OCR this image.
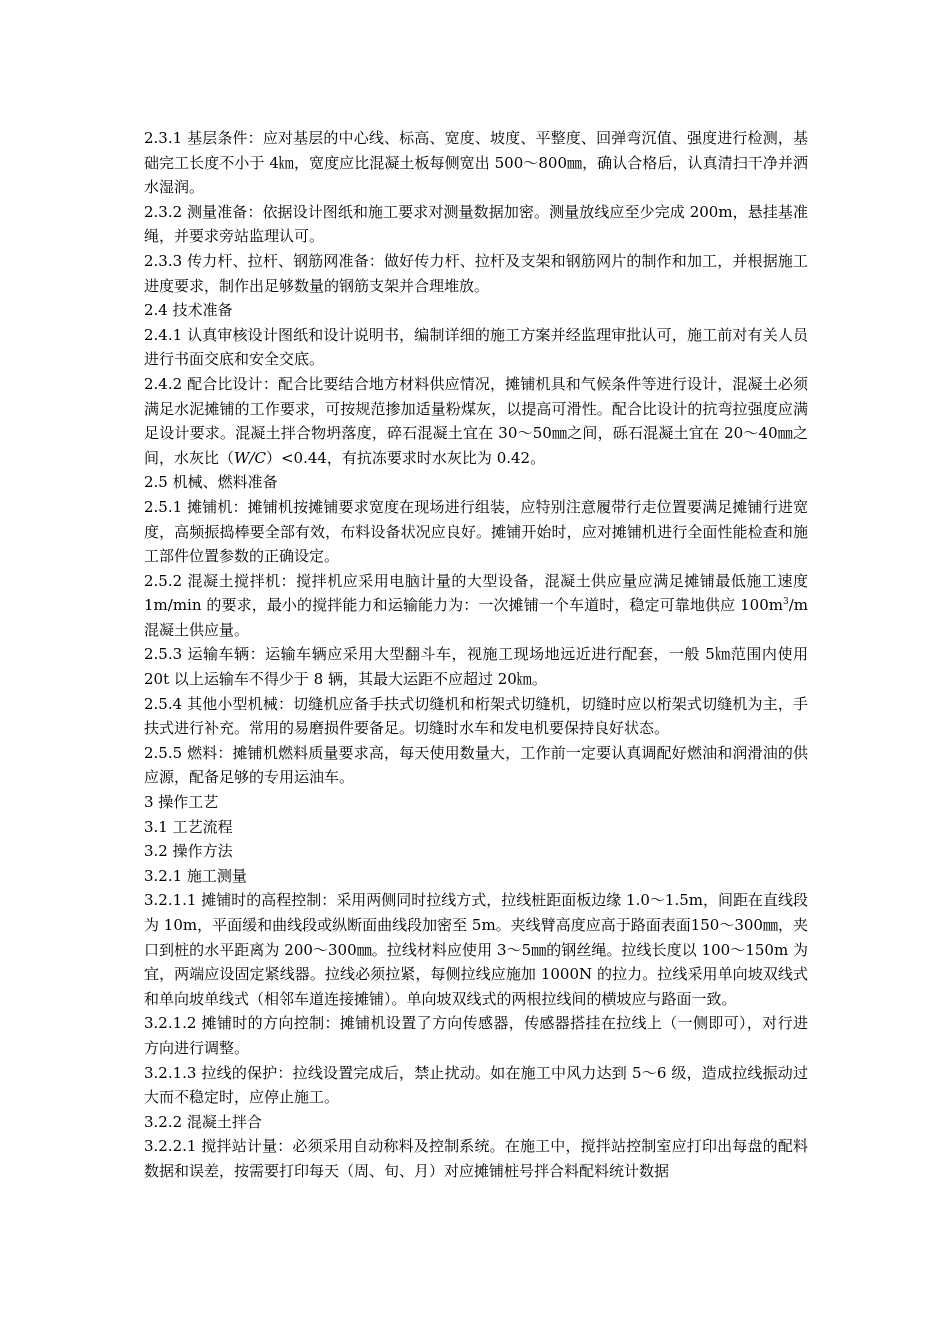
2.3.1 基层条件：应对基层的中心线、标高、宽度、坡度、平整度、回弹弯沉值、强度进行检测，基础完工长度不小于 4㎞，宽度应比混凝土板每侧宽出 500～800㎜，确认合格后，认真清扫干净并洒水湿润。

2.3.2 测量准备：依据设计图纸和施工要求对测量数据加密。测量放线应至少完成 200m，悬挂基准绳，并要求旁站监理认可。

2.3.3 传力杆、拉杆、钢筋网准备：做好传力杆、拉杆及支架和钢筋网片的制作和加工，并根据施工进度要求，制作出足够数量的钢筋支架并合理堆放。

2.4 技术准备

2.4.1 认真审核设计图纸和设计说明书，编制详细的施工方案并经监理审批认可，施工前对有关人员进行书面交底和安全交底。

2.4.2 配合比设计：配合比要结合地方材料供应情况，摊铺机具和气候条件等进行设计，混凝土必须满足水泥摊铺的工作要求，可按规范掺加适量粉煤灰，以提高可滑性。配合比设计的抗弯拉强度应满足设计要求。混凝土拌合物坍落度，碎石混凝土宜在 30～50㎜之间，砾石混凝土宜在 20～40㎜之间，水灰比（W/C）<0.44，有抗冻要求时水灰比为 0.42。

2.5 机械、燃料准备

2.5.1 摊铺机：摊铺机按摊铺要求宽度在现场进行组装，应特别注意履带行走位置要满足摊铺行进宽度，高频振捣棒要全部有效，布料设备状况应良好。摊铺开始时，应对摊铺机进行全面性能检查和施工部件位置参数的正确设定。

2.5.2 混凝土搅拌机：搅拌机应采用电脑计量的大型设备，混凝土供应量应满足摊铺最低施工速度 1m/min 的要求，最小的搅拌能力和运输能力为：一次摊铺一个车道时，稳定可靠地供应 $100m^3/m$ 混凝土供应量。

2.5.3 运输车辆：运输车辆应采用大型翻斗车，视施工现场地远近进行配套，一般 5㎞范围内使用 20t 以上运输车不得少于 8 辆，其最大运距不应超过 20㎞。

2.5.4 其他小型机械：切缝机应备手扶式切缝机和桁架式切缝机，切缝时应以桁架式切缝机为主，手扶式进行补充。常用的易磨损件要备足。切缝时水车和发电机要保持良好状态。

2.5.5 燃料：摊铺机燃料质量要求高，每天使用数量大，工作前一定要认真调配好燃油和润滑油的供应源，配备足够的专用运油车。

3 操作工艺

3.1 工艺流程

3.2 操作方法

3.2.1 施工测量

3.2.1.1 摊铺时的高程控制：采用两侧同时拉线方式，拉线桩距面板边缘 1.0～1.5m，间距在直线段为 10m，平面缓和曲线段或纵断面曲线段加密至 5m。夹线臂高度应高于路面表面150～300㎜，夹口到桩的水平距离为 200～300㎜。拉线材料应使用 3～5㎜的钢丝绳。拉线长度以 100～150m 为宜，两端应设固定紧线器。拉线必须拉紧，每侧拉线应施加 1000N 的拉力。拉线采用单向坡双线式和单向坡单线式（相邻车道连接摊铺）。单向坡双线式的两根拉线间的横坡应与路面一致。

3.2.1.2 摊铺时的方向控制：摊铺机设置了方向传感器，传感器搭挂在拉线上（一侧即可），对行进方向进行调整。

3.2.1.3 拉线的保护：拉线设置完成后，禁止扰动。如在施工中风力达到 5～6 级，造成拉线振动过大而不稳定时，应停止施工。

3.2.2 混凝土拌合

3.2.2.1 搅拌站计量：必须采用自动称料及控制系统。在施工中，搅拌站控制室应打印出每盘的配料数据和误差，按需要打印每天（周、旬、月）对应摊铺桩号拌合料配料统计数据
